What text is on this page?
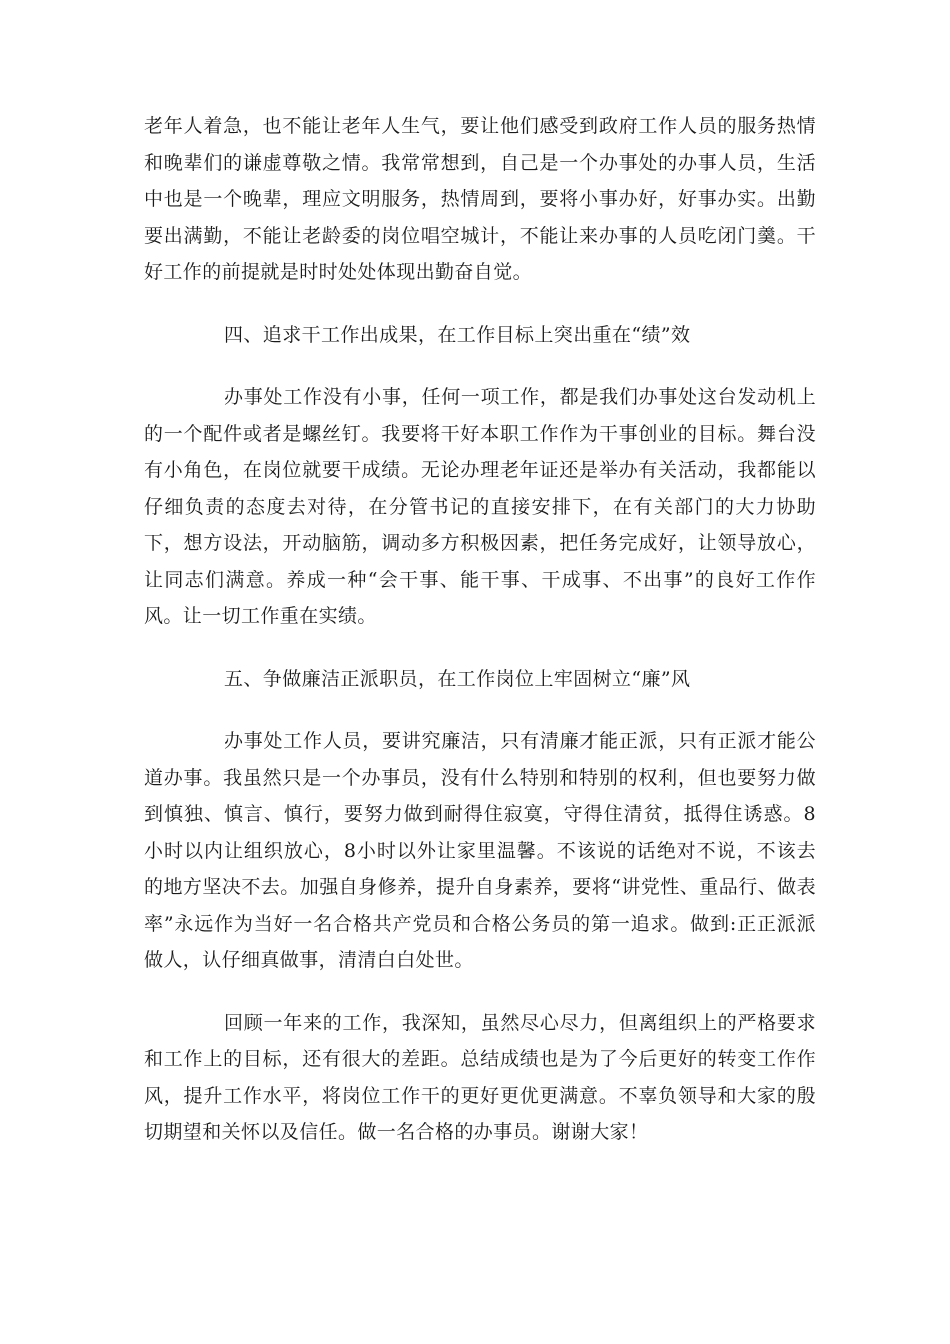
老年人着急，也不能让老年人生气，要让他们感受到政府工作人员的服务热情和晚辈们的谦虚尊敬之情。我常常想到，自己是一个办事处的办事人员，生活中也是一个晚辈，理应文明服务，热情周到，要将小事办好，好事办实。出勤要出满勤，不能让老龄委的岗位唱空城计，不能让来办事的人员吃闭门羹。干好工作的前提就是时时处处体现出勤奋自觉。

四、追求干工作出成果，在工作目标上突出重在“绩”效

办事处工作没有小事，任何一项工作，都是我们办事处这台发动机上的一个配件或者是螺丝钉。我要将干好本职工作作为干事创业的目标。舞台没有小角色，在岗位就要干成绩。无论办理老年证还是举办有关活动，我都能以仔细负责的态度去对待，在分管书记的直接安排下，在有关部门的大力协助下，想方设法，开动脑筋，调动多方积极因素，把任务完成好，让领导放心，让同志们满意。养成一种“会干事、能干事、干成事、不出事”的良好工作作风。让一切工作重在实绩。

五、争做廉洁正派职员，在工作岗位上牢固树立“廉”风

办事处工作人员，要讲究廉洁，只有清廉才能正派，只有正派才能公道办事。我虽然只是一个办事员，没有什么特别和特别的权利，但也要努力做到慎独、慎言、慎行，要努力做到耐得住寂寞，守得住清贫，抵得住诱惑。8小时以内让组织放心，8小时以外让家里温馨。不该说的话绝对不说，不该去的地方坚决不去。加强自身修养，提升自身素养，要将“讲党性、重品行、做表率”永远作为当好一名合格共产党员和合格公务员的第一追求。做到:正正派派做人，认仔细真做事，清清白白处世。

回顾一年来的工作，我深知，虽然尽心尽力，但离组织上的严格要求和工作上的目标，还有很大的差距。总结成绩也是为了今后更好的转变工作作风，提升工作水平，将岗位工作干的更好更优更满意。不辜负领导和大家的殷切期望和关怀以及信任。做一名合格的办事员。谢谢大家！
